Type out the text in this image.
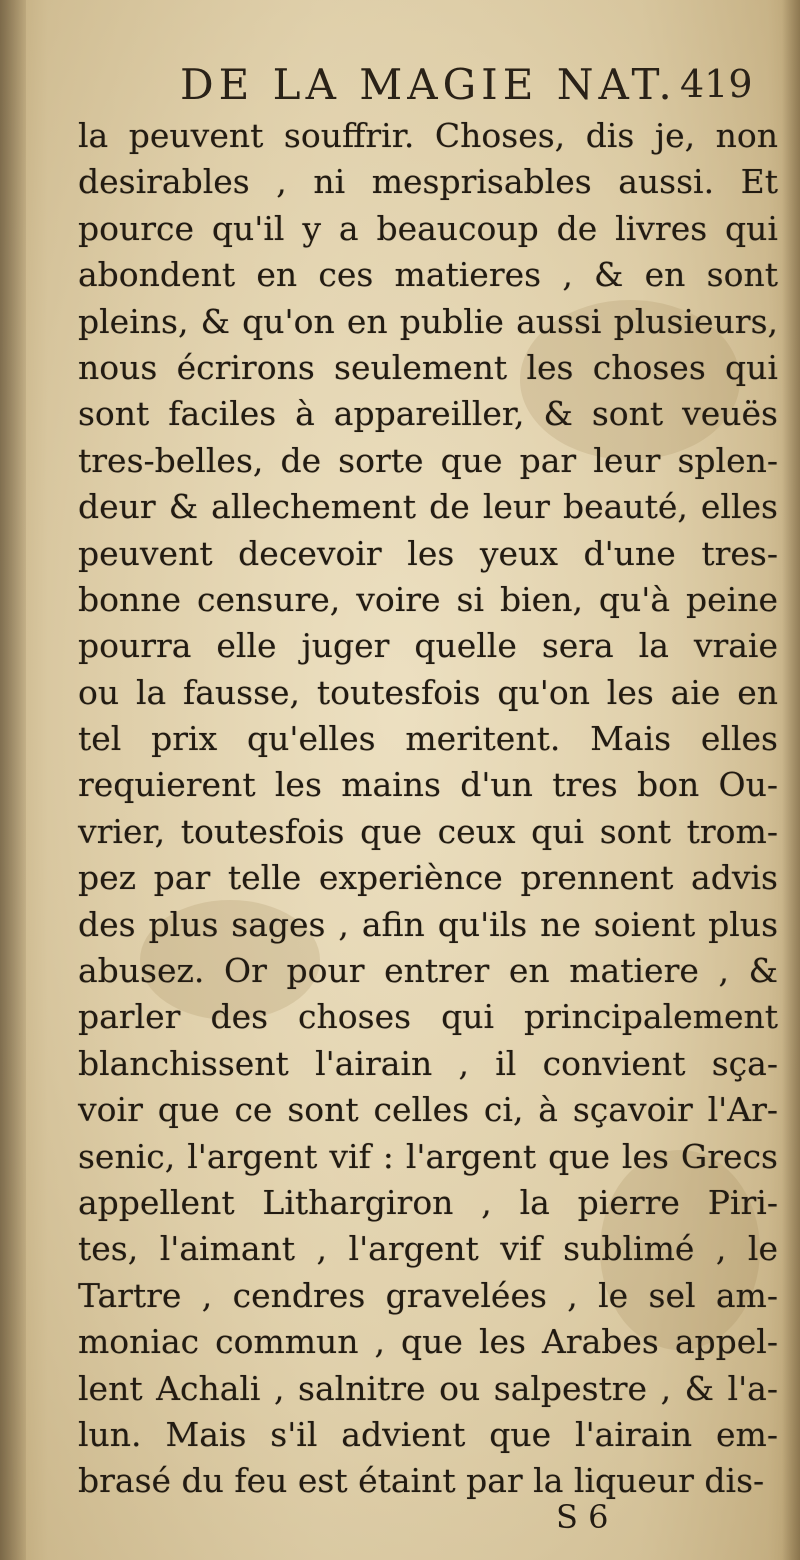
DE LA MAGIE NAT. 419
la peuvent souffrir. Choses, dis je, non
desirables , ni mesprisables aussi. Et
pource qu'il y a beaucoup de livres qui
abondent en ces matieres , & en sont
pleins, & qu'on en publie aussi plusieurs,
nous écrirons seulement les choses qui
sont faciles à appareiller, & sont veuës
tres-belles, de sorte que par leur splen-
deur & allechement de leur beauté, elles
peuvent decevoir les yeux d'une tres-
bonne censure, voire si bien, qu'à peine
pourra elle juger quelle sera la vraie
ou la fausse, toutesfois qu'on les aie en
tel prix qu'elles meritent. Mais elles
requierent les mains d'un tres bon Ou-
vrier, toutesfois que ceux qui sont trom-
pez par telle experiènce prennent advis
des plus sages , afin qu'ils ne soient plus
abusez. Or pour entrer en matiere , &
parler des choses qui principalement
blanchissent l'airain , il convient sça-
voir que ce sont celles ci, à sçavoir l'Ar-
senic, l'argent vif : l'argent que les Grecs
appellent Lithargiron , la pierre Piri-
tes, l'aimant , l'argent vif sublimé , le
Tartre , cendres gravelées , le sel am-
moniac commun , que les Arabes appel-
lent Achali , salnitre ou salpestre , & l'a-
lun. Mais s'il advient que l'airain em-
brasé du feu est étaint par la liqueur dis-
S 6
